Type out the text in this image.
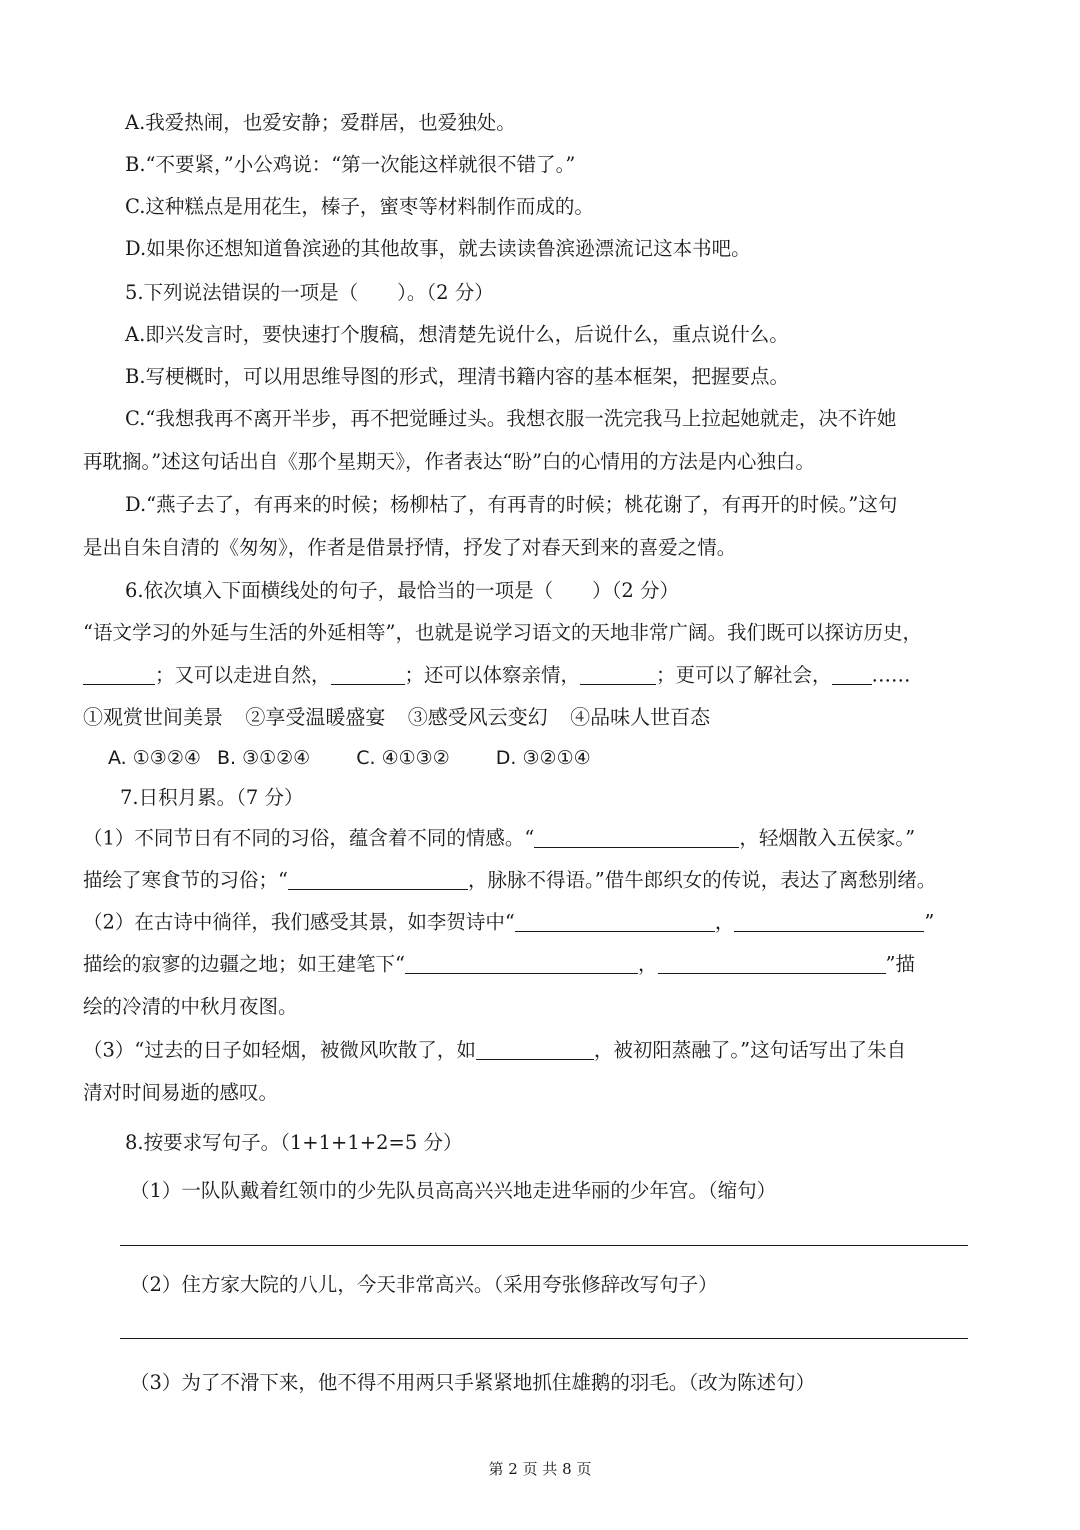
A.我爱热闹，也爱安静；爱群居，也爱独处。
B.“不要紧，”小公鸡说：“第一次能这样就很不错了。”
C.这种糕点是用花生，榛子，蜜枣等材料制作而成的。
D.如果你还想知道鲁滨逊的其他故事，就去读读鲁滨逊漂流记这本书吧。
5.下列说法错误的一项是（　　）。（2 分）
A.即兴发言时，要快速打个腹稿，想清楚先说什么，后说什么，重点说什么。
B.写梗概时，可以用思维导图的形式，理清书籍内容的基本框架，把握要点。
C.“我想我再不离开半步，再不把觉睡过头。我想衣服一洗完我马上拉起她就走，决不许她
再耽搁。”述这句话出自《那个星期天》，作者表达“盼”白的心情用的方法是内心独白。
D.“燕子去了，有再来的时候；杨柳枯了，有再青的时候；桃花谢了，有再开的时候。”这句
是出自朱自清的《匆匆》，作者是借景抒情，抒发了对春天到来的喜爱之情。
6.依次填入下面横线处的句子，最恰当的一项是（　　）（2 分）
“语文学习的外延与生活的外延相等”，也就是说学习语文的天地非常广阔。我们既可以探访历史，
；又可以走进自然，	；还可以体察亲情，	；更可以了解社会， ……
①观赏世间美景 ②享受温暖盛宴 ③感受风云变幻 ④品味人世百态
A. ①③②④ B. ③①②④ C. ④①③② D. ③②①④
7.日积月累。（7 分）
（1）不同节日有不同的习俗，蕴含着不同的情感。“	，轻烟散入五侯家。”
描绘了寒食节的习俗；“	，脉脉不得语。”借牛郎织女的传说，表达了离愁别绪。
（2）在古诗中徜徉，我们感受其景，如李贺诗中“	，	”
描绘的寂寥的边疆之地；如王建笔下“	，	”描
绘的冷清的中秋月夜图。
（3）“过去的日子如轻烟，被微风吹散了，如	，被初阳蒸融了。”这句话写出了朱自
清对时间易逝的感叹。
8.按要求写句子。（1+1+1+2=5 分）
（1）一队队戴着红领巾的少先队员高高兴兴地走进华丽的少年宫。（缩句）
（2）住方家大院的八儿，今天非常高兴。（采用夸张修辞改写句子）
（3）为了不滑下来，他不得不用两只手紧紧地抓住雄鹅的羽毛。（改为陈述句）
第 2 页 共 8 页
